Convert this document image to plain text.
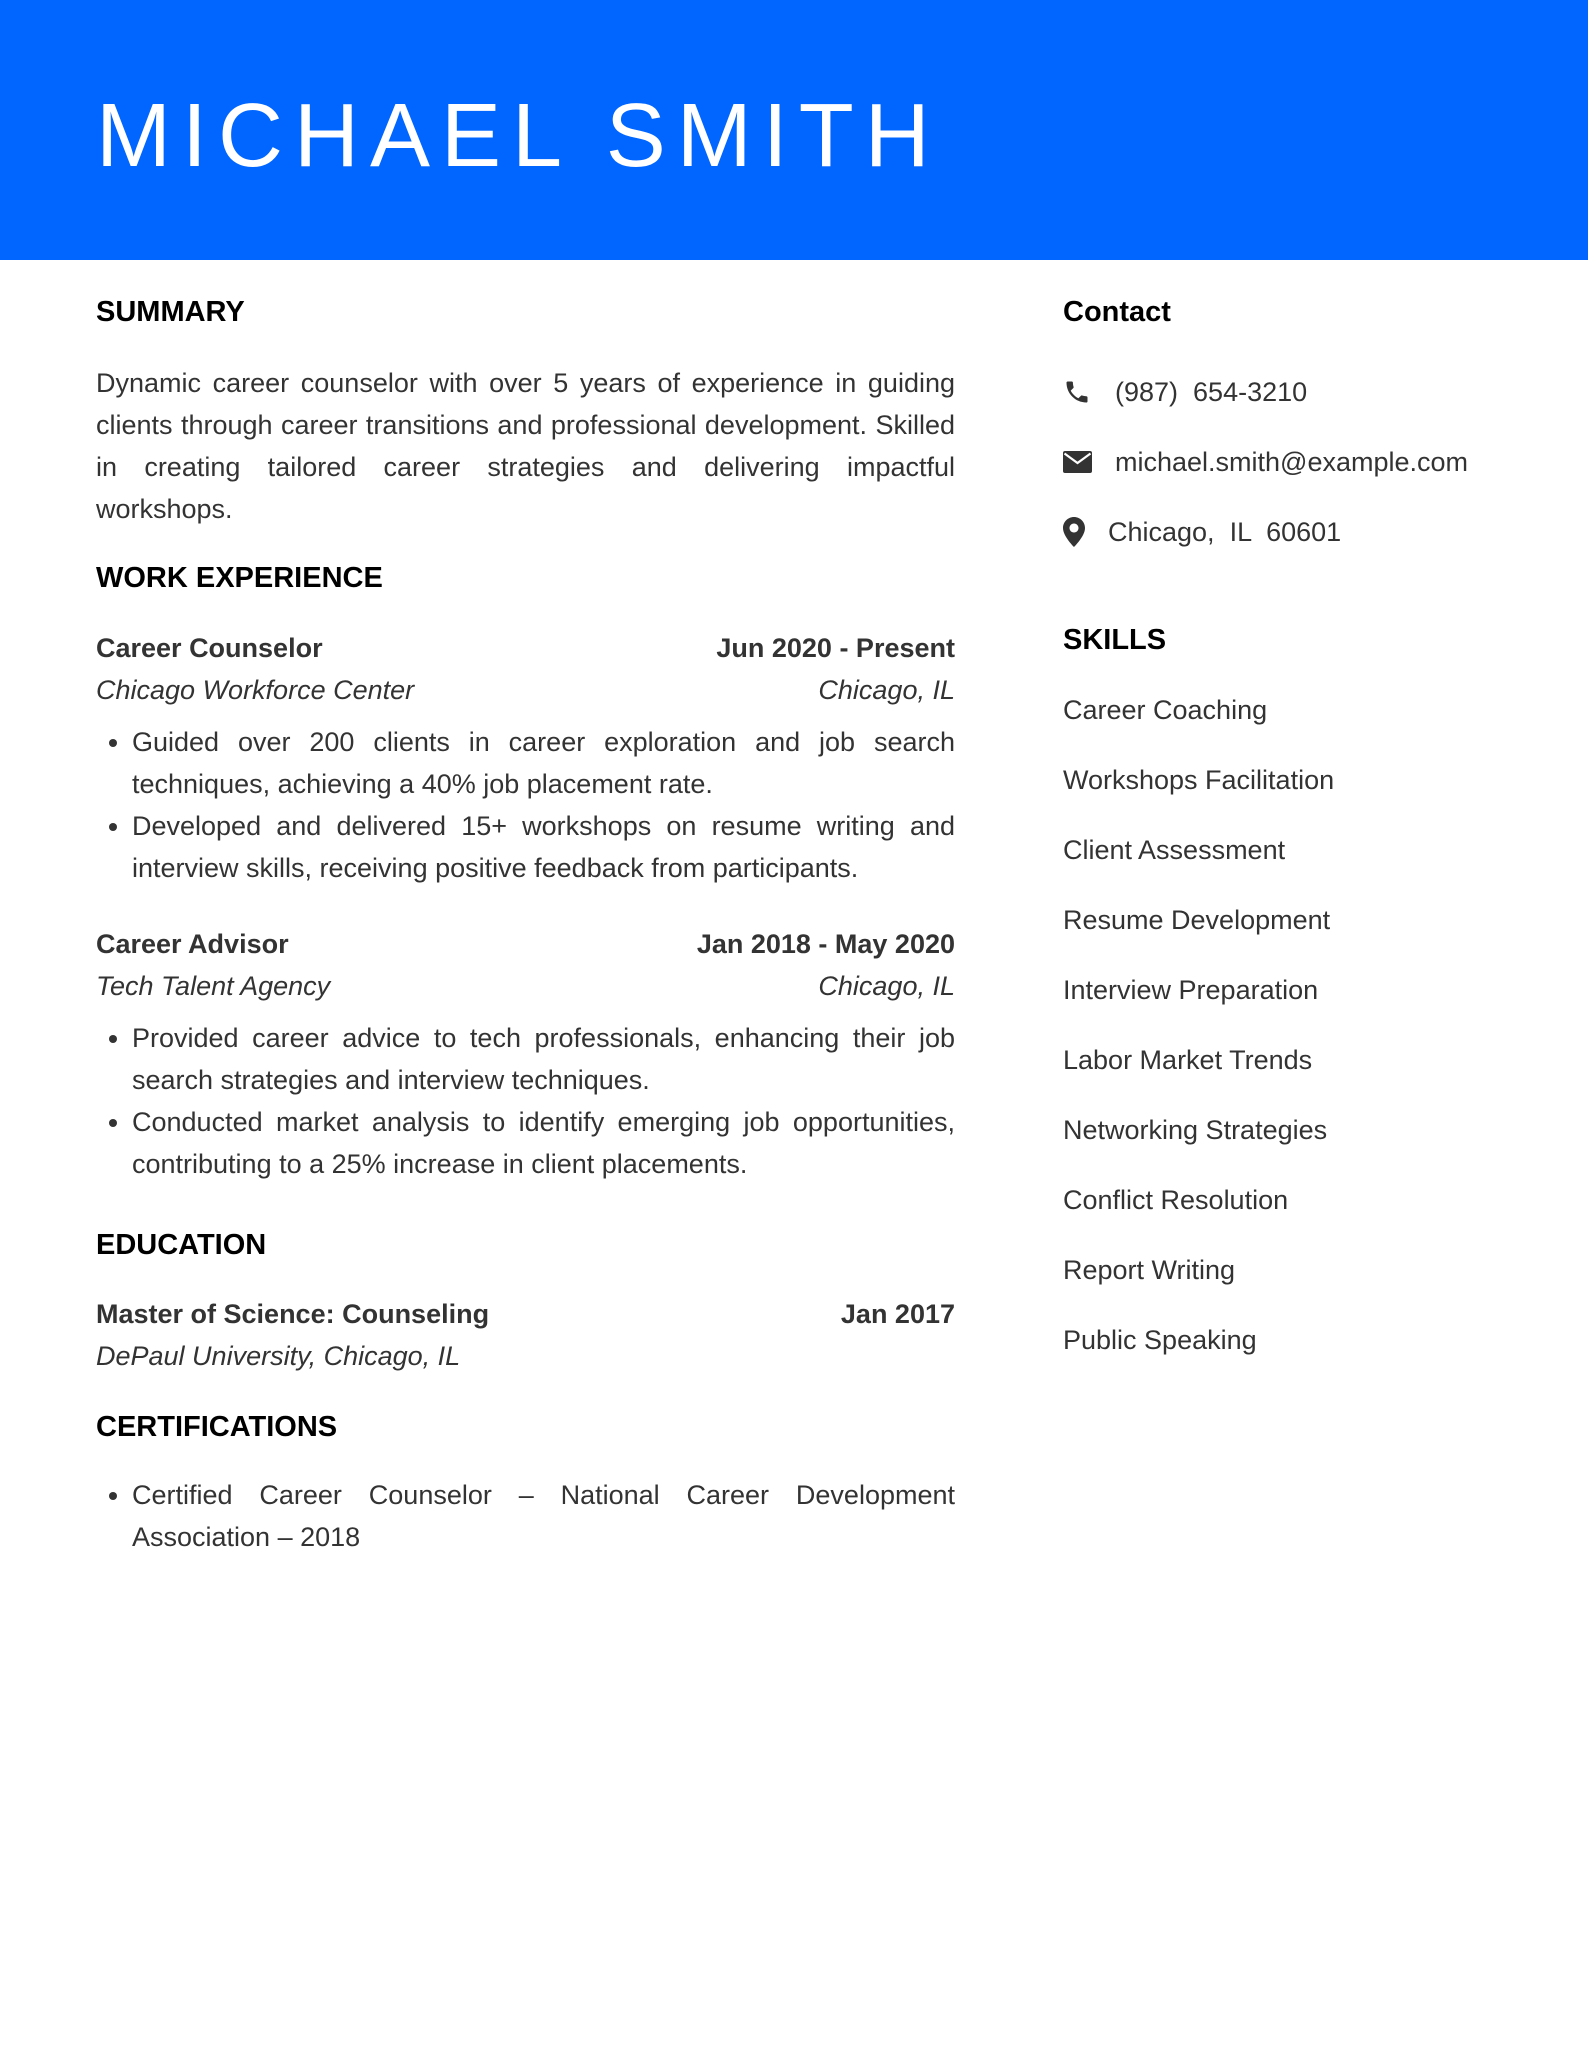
MICHAEL SMITH
SUMMARY

Dynamic career counselor with over 5 years of experience in guiding clients through career transitions and professional development. Skilled in creating tailored career strategies and delivering impactful workshops.

WORK EXPERIENCE
Career Counselor	Jun 2020 - Present
Chicago Workforce Center	Chicago, IL
• Guided over 200 clients in career exploration and job search techniques, achieving a 40% job placement rate.
• Developed and delivered 15+ workshops on resume writing and interview skills, receiving positive feedback from participants.
Career Advisor	Jan 2018 - May 2020
Tech Talent Agency	Chicago, IL
• Provided career advice to tech professionals, enhancing their job search strategies and interview techniques.
• Conducted market analysis to identify emerging job opportunities, contributing to a 25% increase in client placements.
EDUCATION
Master of Science: Counseling	Jan 2017
DePaul University, Chicago, IL
CERTIFICATIONS
• Certified Career Counselor – National Career Development Association – 2018
Contact
(987)  654-3210
michael.smith@example.com
Chicago,  IL  60601
SKILLS
Career Coaching
Workshops Facilitation
Client Assessment
Resume Development
Interview Preparation
Labor Market Trends
Networking Strategies
Conflict Resolution
Report Writing
Public Speaking
